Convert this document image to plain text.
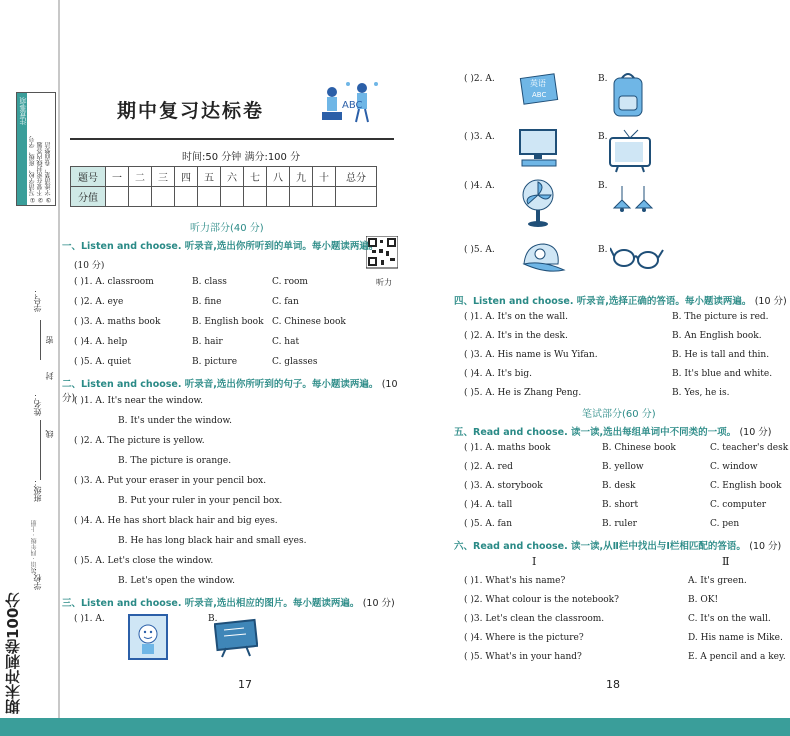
注意事项
①写清学校、班级、学号 ②不要在密封线内答题 ③字迹清楚，卷面整洁
学号：
密
封
姓名：
线
班级：
英语 · 四年级 · 上册
学校：
期末冲刺卷100分
期中复习达标卷	ABC
时间:50 分钟 满分:100 分
题号	一	二	三	四	五	六	七	八	九	十	总分
分值											
听力部分(40 分)
听力
一、Listen and choose. 听录音,选出你所听到的单词。每小题读两遍。
(10 分)
( )1. A. classroom	B. class	C. room
( )2. A. eye	B. fine	C. fan
( )3. A. maths book	B. English book C. Chinese book
( )4. A. help	B. hair	C. hat
( )5. A. quiet	B. picture	C. glasses
二、Listen and choose. 听录音,选出你所听到的句子。每小题读两遍。 (10 分)
( )1. A. It's near the window.
B. It's under the window.
( )2. A. The picture is yellow.
B. The picture is orange.
( )3. A. Put your eraser in your pencil box.
B. Put your ruler in your pencil box.
( )4. A. He has short black hair and big eyes.
B. He has long black hair and small eyes.
( )5. A. Let's close the window.
B. Let's open the window.
三、Listen and choose. 听录音,选出相应的图片。每小题读两遍。 (10 分)
( )1. A.	B.
17
( )2. A.	英语
ABC
B.
( )3. A.	B.
( )4. A.	B.
( )5. A.	B.
四、Listen and choose. 听录音,选择正确的答语。每小题读两遍。 (10 分)
( )1. A. It's on the wall.	B. The picture is red.
( )2. A. It's in the desk.	B. An English book.
( )3. A. His name is Wu Yifan.	B. He is tall and thin.
( )4. A. It's big.	B. It's blue and white.
( )5. A. He is Zhang Peng.	B. Yes, he is.
笔试部分(60 分)
五、Read and choose. 读一读,选出每组单词中不同类的一项。 (10 分)
( )1. A. maths book	B. Chinese book	C. teacher's desk
( )2. A. red	B. yellow	C. window
( )3. A. storybook	B. desk	C. English book
( )4. A. tall	B. short	C. computer
( )5. A. fan	B. ruler	C. pen
六、Read and choose. 读一读,从Ⅱ栏中找出与Ⅰ栏相匹配的答语。 (10 分)
Ⅰ	Ⅱ
( )1. What's his name?	A. It's green.
( )2. What colour is the notebook?	B. OK!
( )3. Let's clean the classroom.	C. It's on the wall.
( )4. Where is the picture?	D. His name is Mike.
( )5. What's in your hand?	E. A pencil and a key.
18
